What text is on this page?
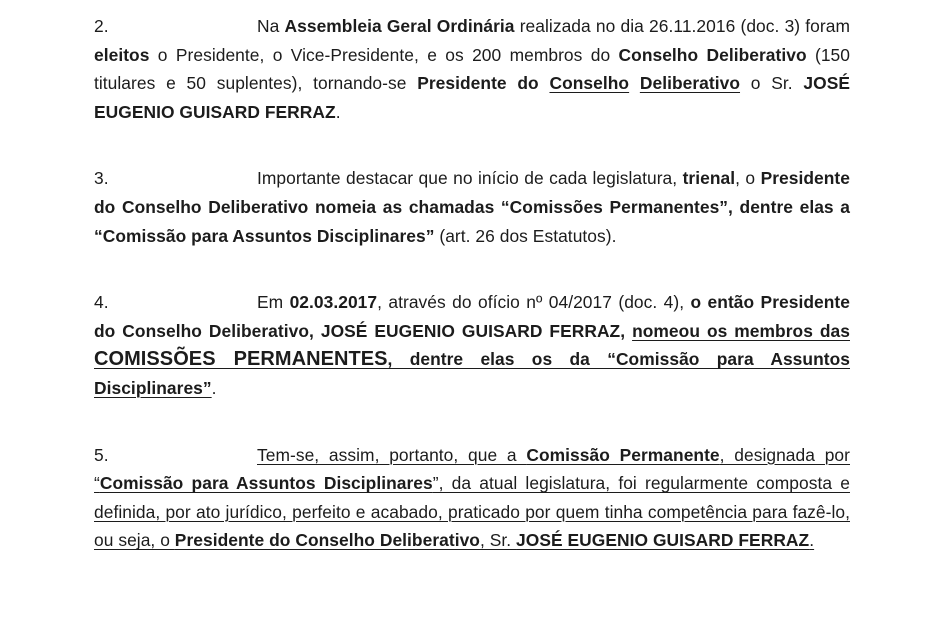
2.	Na Assembleia Geral Ordinária realizada no dia 26.11.2016 (doc. 3) foram eleitos o Presidente, o Vice-Presidente, e os 200 membros do Conselho Deliberativo (150 titulares e 50 suplentes), tornando-se Presidente do Conselho Deliberativo o Sr. JOSÉ EUGENIO GUISARD FERRAZ.

3.	Importante destacar que no início de cada legislatura, trienal, o Presidente do Conselho Deliberativo nomeia as chamadas “Comissões Permanentes”, dentre elas a “Comissão para Assuntos Disciplinares” (art. 26 dos Estatutos).

4.	Em 02.03.2017, através do ofício nº 04/2017 (doc. 4), o então Presidente do Conselho Deliberativo, JOSÉ EUGENIO GUISARD FERRAZ, nomeou os membros das COMISSÕES PERMANENTES, dentre elas os da “Comissão para Assuntos Disciplinares”.

5.	Tem-se, assim, portanto, que a Comissão Permanente, designada por “Comissão para Assuntos Disciplinares”, da atual legislatura, foi regularmente composta e definida, por ato jurídico, perfeito e acabado, praticado por quem tinha competência para fazê-lo, ou seja, o Presidente do Conselho Deliberativo, Sr. JOSÉ EUGENIO GUISARD FERRAZ.
